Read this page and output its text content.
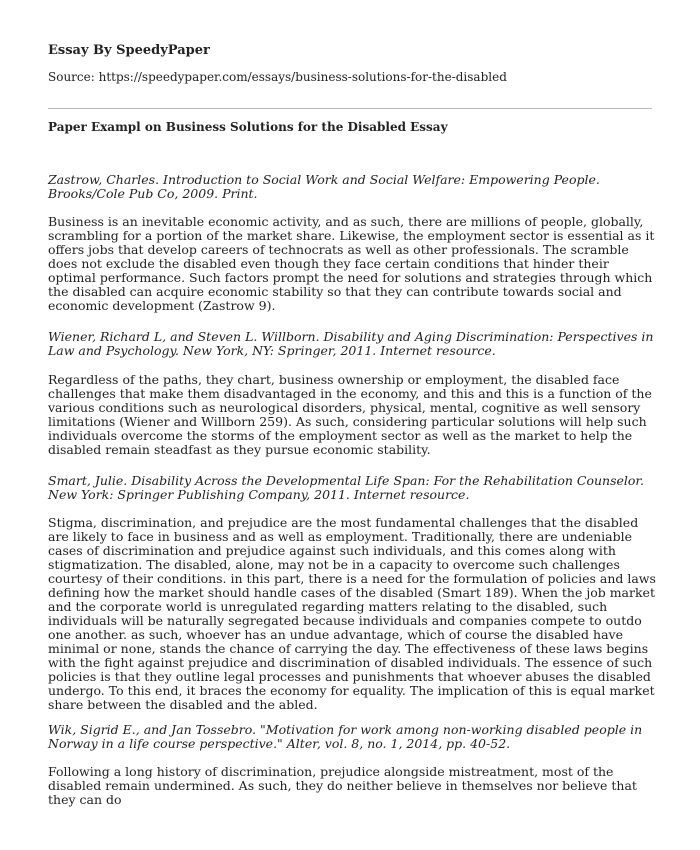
Essay By SpeedyPaper
Source: https://speedypaper.com/essays/business-solutions-for-the-disabled
Paper Exampl on Business Solutions for the Disabled Essay

Zastrow, Charles. Introduction to Social Work and Social Welfare: Empowering People. Brooks/Cole Pub Co, 2009. Print.

Business is an inevitable economic activity, and as such, there are millions of people, globally, scrambling for a portion of the market share. Likewise, the employment sector is essential as it offers jobs that develop careers of technocrats as well as other professionals. The scramble does not exclude the disabled even though they face certain conditions that hinder their optimal performance. Such factors prompt the need for solutions and strategies through which the disabled can acquire economic stability so that they can contribute towards social and economic development (Zastrow 9).

Wiener, Richard L, and Steven L. Willborn. Disability and Aging Discrimination: Perspectives in Law and Psychology. New York, NY: Springer, 2011. Internet resource.

Regardless of the paths, they chart, business ownership or employment, the disabled face challenges that make them disadvantaged in the economy, and this and this is a function of the various conditions such as neurological disorders, physical, mental, cognitive as well sensory limitations (Wiener and Willborn 259). As such, considering particular solutions will help such individuals overcome the storms of the employment sector as well as the market to help the disabled remain steadfast as they pursue economic stability.

Smart, Julie. Disability Across the Developmental Life Span: For the Rehabilitation Counselor. New York: Springer Publishing Company, 2011. Internet resource.

Stigma, discrimination, and prejudice are the most fundamental challenges that the disabled are likely to face in business and as well as employment. Traditionally, there are undeniable cases of discrimination and prejudice against such individuals, and this comes along with stigmatization. The disabled, alone, may not be in a capacity to overcome such challenges courtesy of their conditions. in this part, there is a need for the formulation of policies and laws defining how the market should handle cases of the disabled (Smart 189). When the job market and the corporate world is unregulated regarding matters relating to the disabled, such individuals will be naturally segregated because individuals and companies compete to outdo one another. as such, whoever has an undue advantage, which of course the disabled have minimal or none, stands the chance of carrying the day. The effectiveness of these laws begins with the fight against prejudice and discrimination of disabled individuals. The essence of such policies is that they outline legal processes and punishments that whoever abuses the disabled undergo. To this end, it braces the economy for equality. The implication of this is equal market share between the disabled and the abled.

Wik, Sigrid E., and Jan Tossebro. "Motivation for work among non-working disabled people in Norway in a life course perspective." Alter, vol. 8, no. 1, 2014, pp. 40-52.

Following a long history of discrimination, prejudice alongside mistreatment, most of the disabled remain undermined. As such, they do neither believe in themselves nor believe that they can do
